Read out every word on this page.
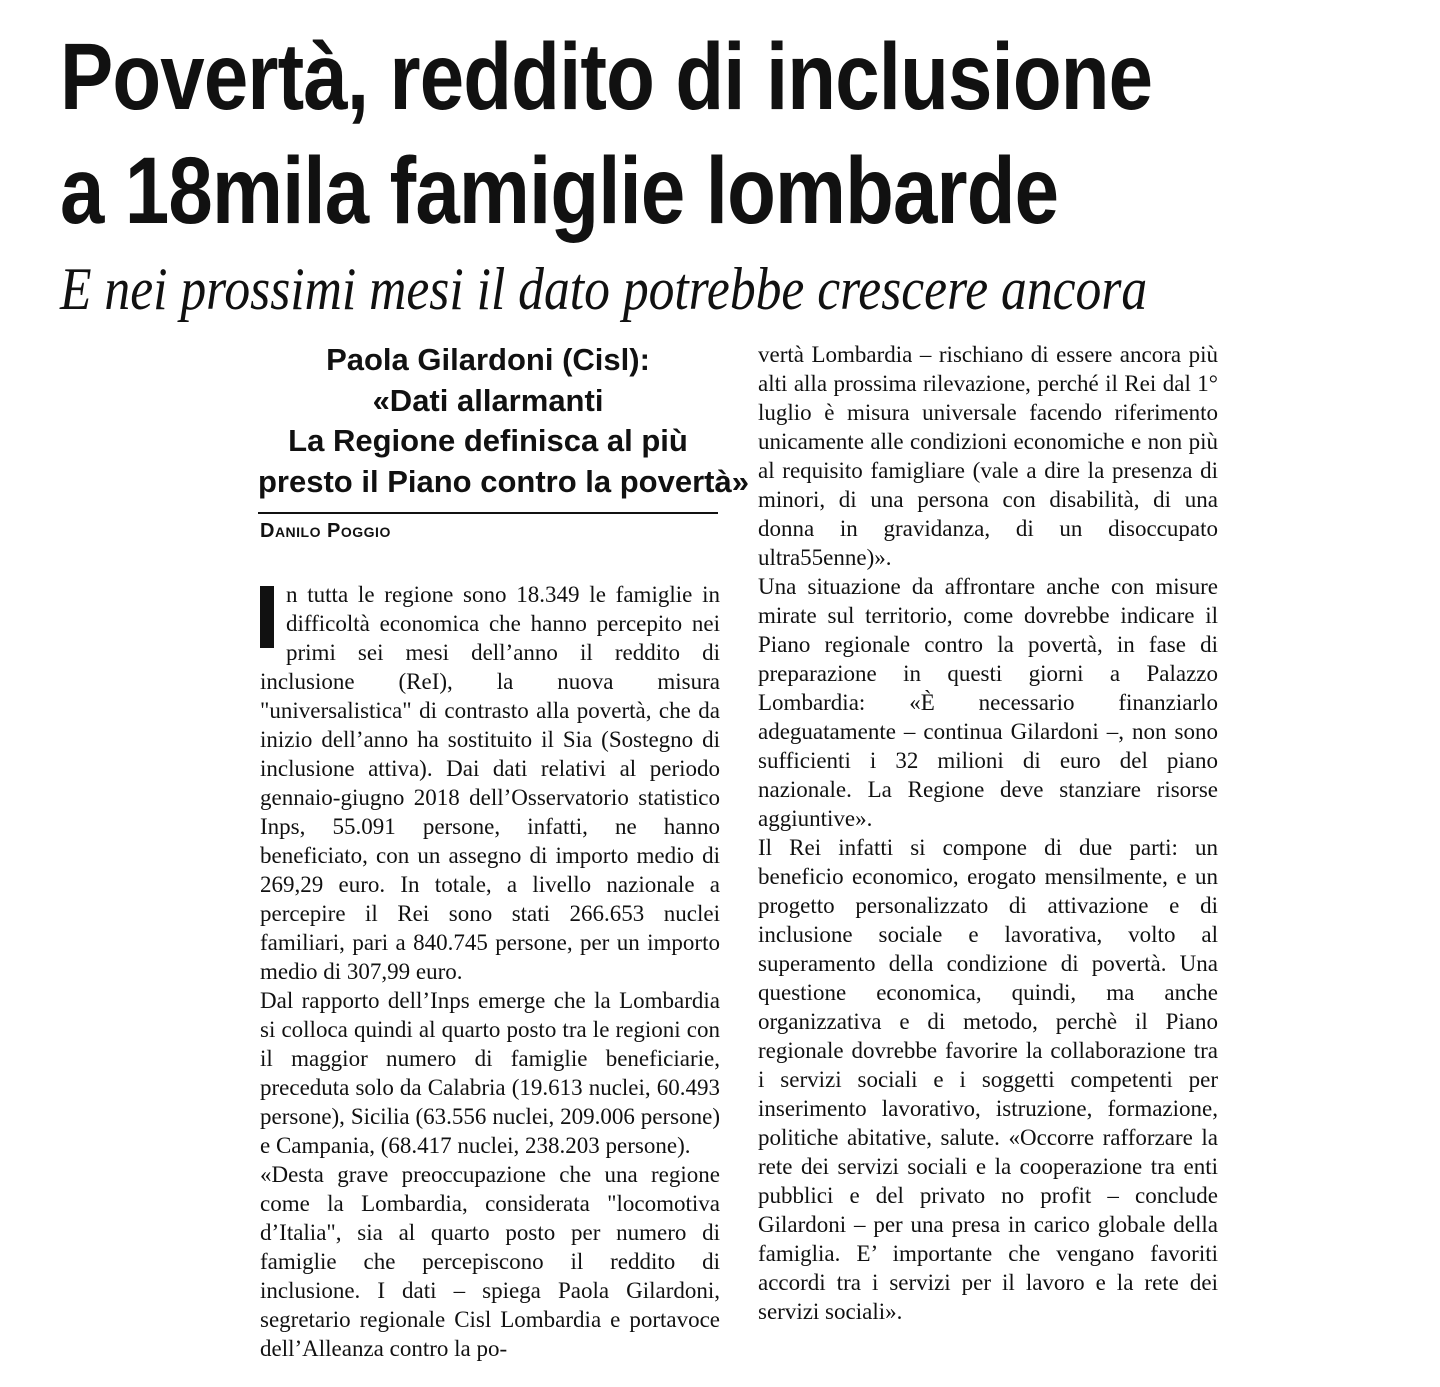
Povertà, reddito di inclusione
a 18mila famiglie lombarde

E nei prossimi mesi il dato potrebbe crescere ancora

Paola Gilardoni (Cisl):
«Dati allarmanti
La Regione definisca al più
presto il Piano contro la povertà»

Danilo Poggio

n tutta le regione sono 18.349 le famiglie in difficoltà economica che hanno percepito nei primi sei mesi dell’anno il reddito di inclusione (ReI), la nuova misura "universalistica" di contrasto alla povertà, che da inizio dell’anno ha sostituito il Sia (Sostegno di inclusione attiva). Dai dati relativi al periodo gennaio-giugno 2018 dell’Osservatorio statistico Inps, 55.091 persone, infatti, ne hanno beneficiato, con un assegno di importo medio di 269,29 euro. In totale, a livello nazionale a percepire il Rei sono stati 266.653 nuclei familiari, pari a 840.745 persone, per un importo medio di 307,99 euro.

Dal rapporto dell’Inps emerge che la Lombardia si colloca quindi al quarto posto tra le regioni con il maggior numero di famiglie beneficiarie, preceduta solo da Calabria (19.613 nuclei, 60.493 persone), Sicilia (63.556 nuclei, 209.006 persone) e Campania, (68.417 nuclei, 238.203 persone).

«Desta grave preoccupazione che una regione come la Lombardia, considerata "locomotiva d’Italia", sia al quarto posto per numero di famiglie che percepiscono il reddito di inclusione. I dati – spiega Paola Gilardoni, segretario regionale Cisl Lombardia e portavoce dell’Alleanza contro la po-

vertà Lombardia – rischiano di essere ancora più alti alla prossima rilevazione, perché il Rei dal 1° luglio è misura universale facendo riferimento unicamente alle condizioni economiche e non più al requisito famigliare (vale a dire la presenza di minori, di una persona con disabilità, di una donna in gravidanza, di un disoccupato ultra55enne)».

Una situazione da affrontare anche con misure mirate sul territorio, come dovrebbe indicare il Piano regionale contro la povertà, in fase di preparazione in questi giorni a Palazzo Lombardia: «È necessario finanziarlo adeguatamente – continua Gilardoni –, non sono sufficienti i 32 milioni di euro del piano nazionale. La Regione deve stanziare risorse aggiuntive».

Il Rei infatti si compone di due parti: un beneficio economico, erogato mensilmente, e un progetto personalizzato di attivazione e di inclusione sociale e lavorativa, volto al superamento della condizione di povertà. Una questione economica, quindi, ma anche organizzativa e di metodo, perchè il Piano regionale dovrebbe favorire la collaborazione tra i servizi sociali e i soggetti competenti per inserimento lavorativo, istruzione, formazione, politiche abitative, salute. «Occorre rafforzare la rete dei servizi sociali e la cooperazione tra enti pubblici e del privato no profit – conclude Gilardoni – per una presa in carico globale della famiglia. E’ importante che vengano favoriti accordi tra i servizi per il lavoro e la rete dei servizi sociali».
